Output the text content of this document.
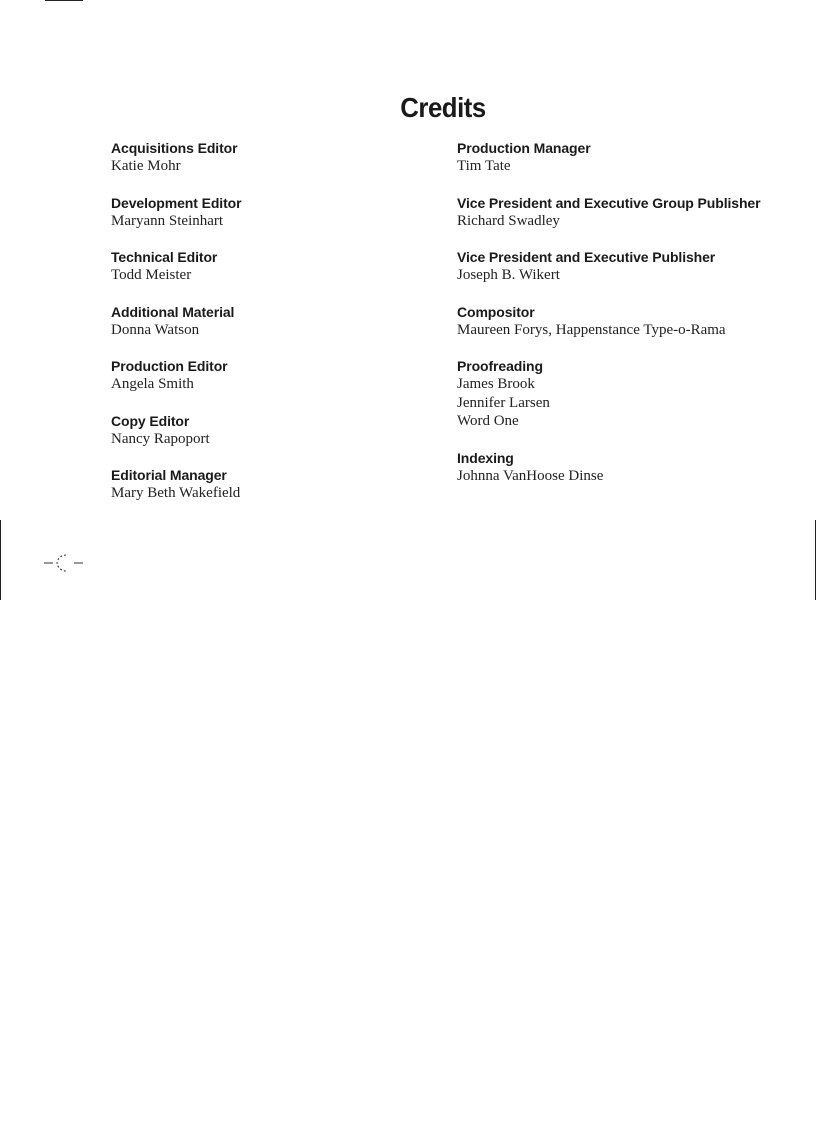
Credits
Acquisitions Editor
Katie Mohr
Development Editor
Maryann Steinhart
Technical Editor
Todd Meister
Additional Material
Donna Watson
Production Editor
Angela Smith
Copy Editor
Nancy Rapoport
Editorial Manager
Mary Beth Wakefield
Production Manager
Tim Tate
Vice President and Executive Group Publisher
Richard Swadley
Vice President and Executive Publisher
Joseph B. Wikert
Compositor
Maureen Forys, Happenstance Type-o-Rama
Proofreading
James Brook
Jennifer Larsen
Word One
Indexing
Johnna VanHoose Dinse
